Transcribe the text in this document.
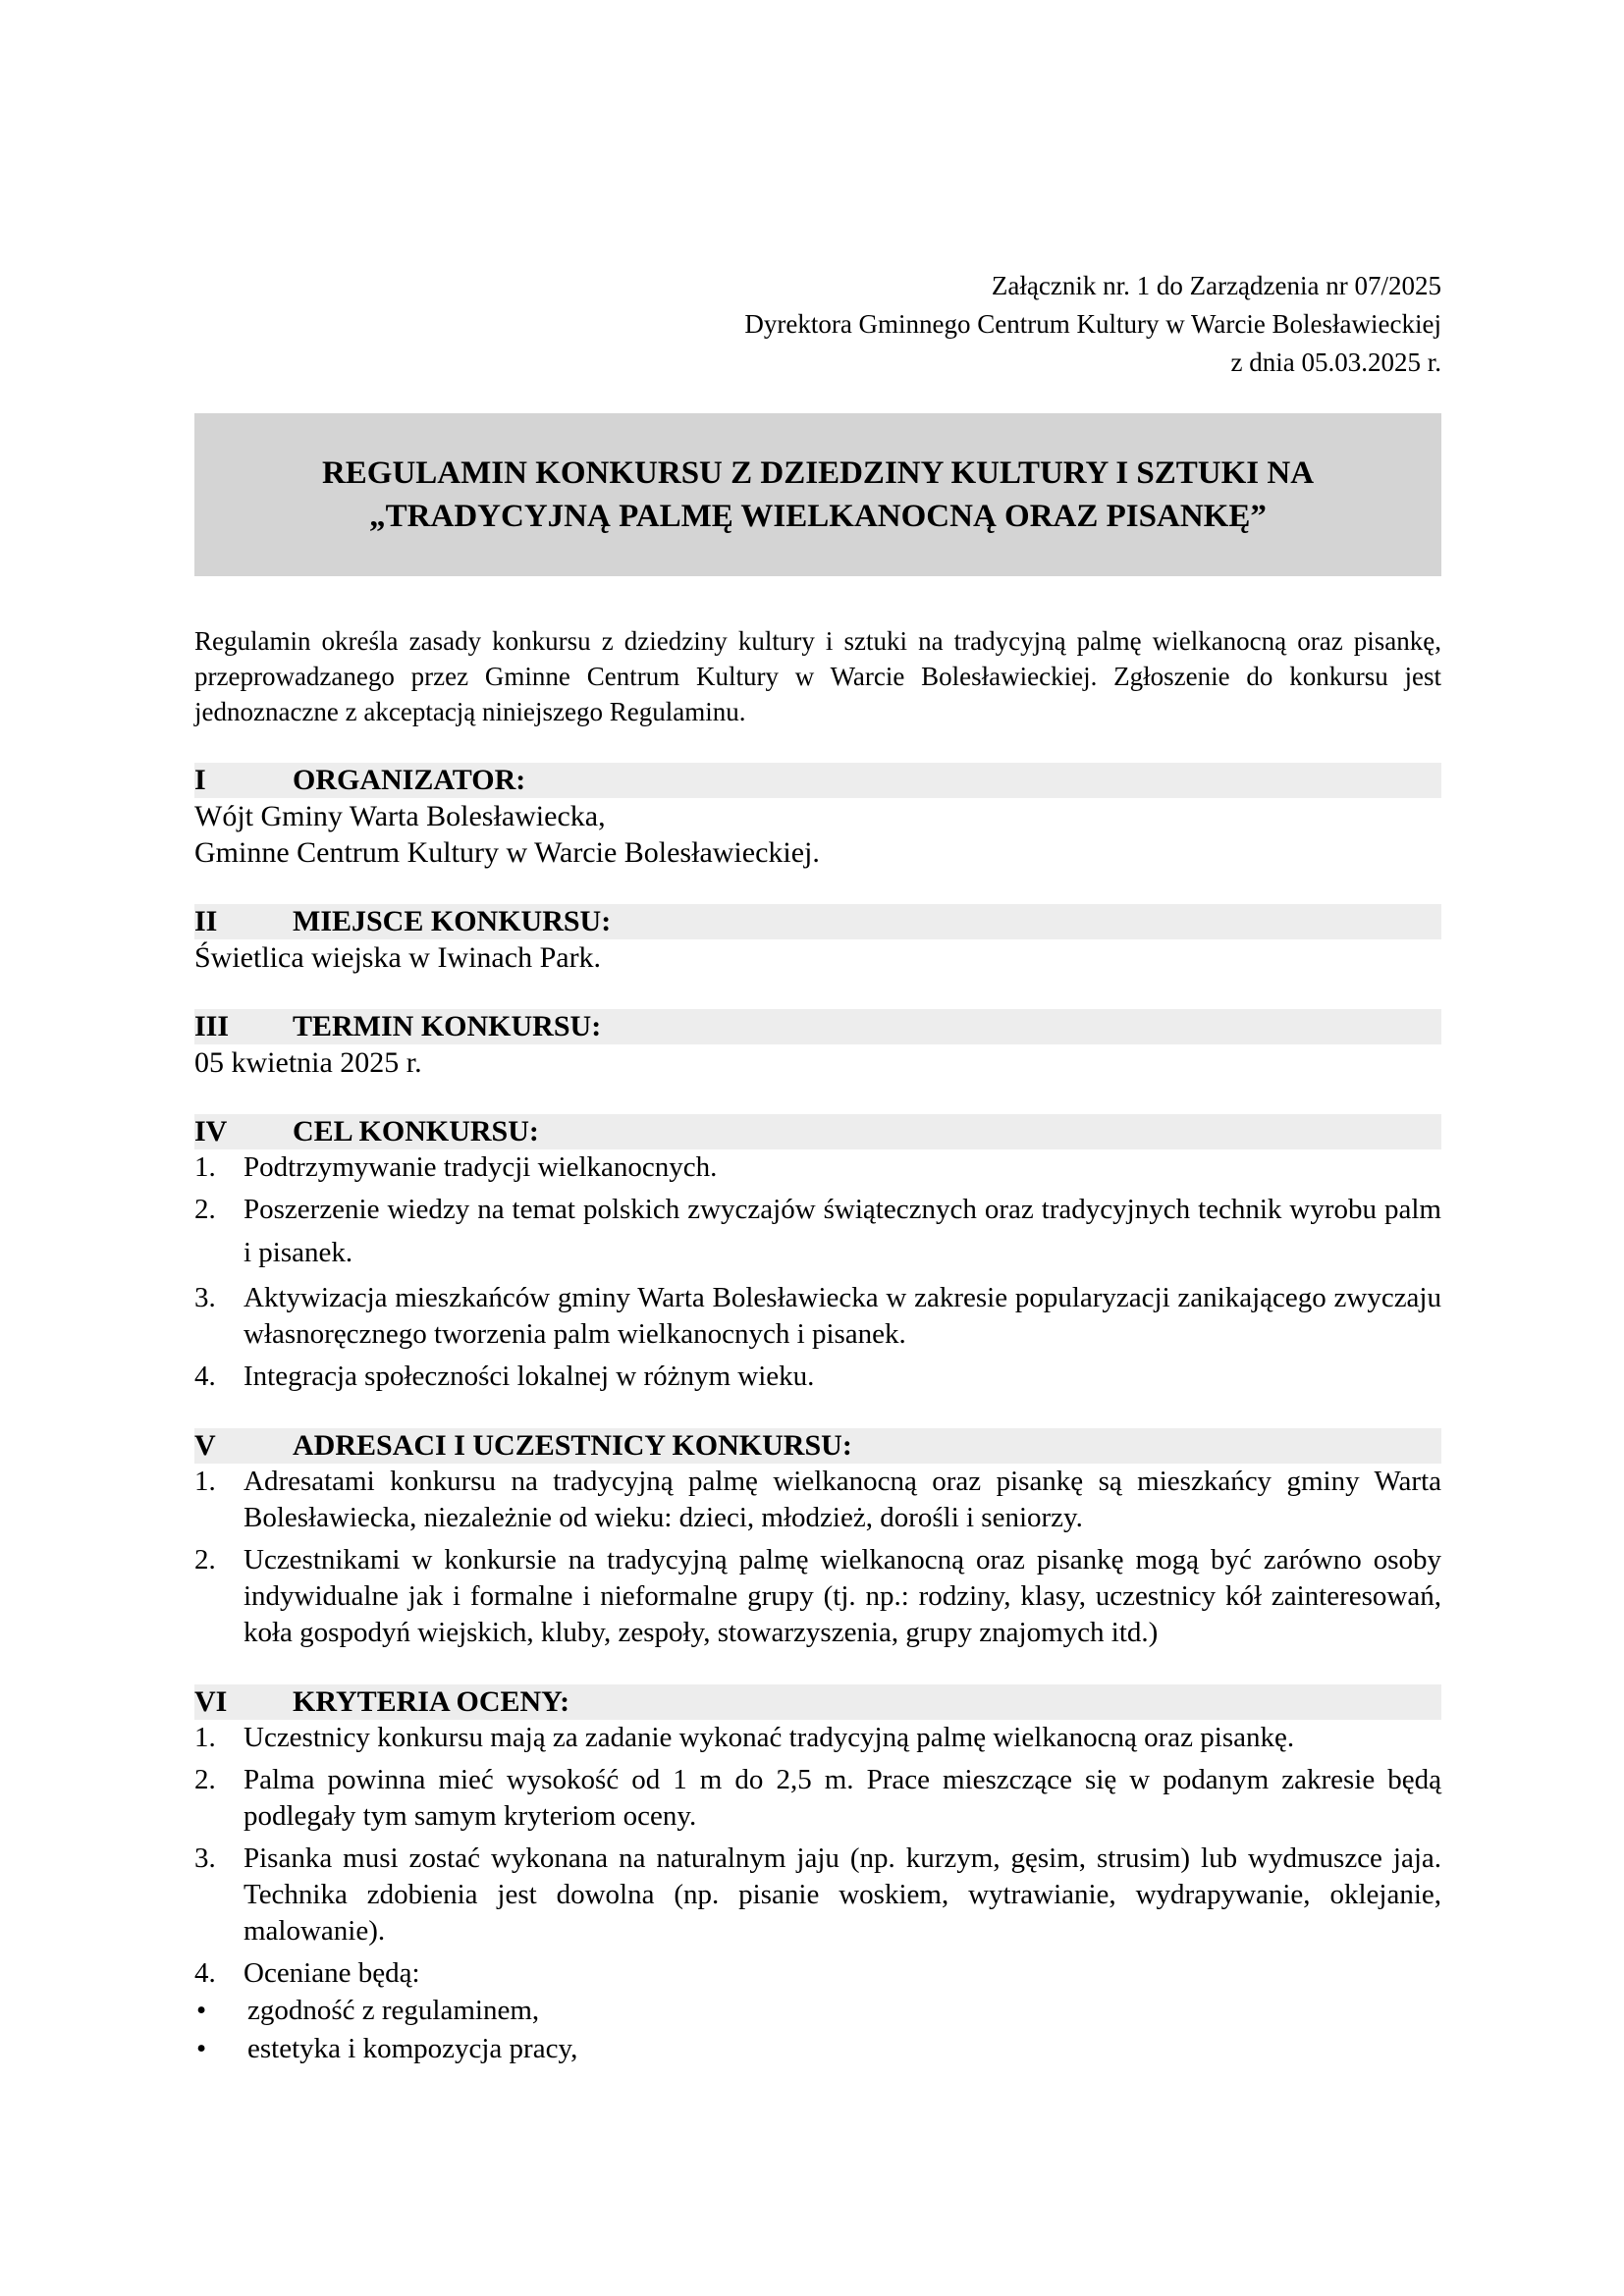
Załącznik nr. 1 do Zarządzenia nr 07/2025
Dyrektora Gminnego Centrum Kultury w Warcie Bolesławieckiej
z dnia 05.03.2025 r.
REGULAMIN KONKURSU Z DZIEDZINY KULTURY I SZTUKI NA
„TRADYCYJNĄ PALMĘ WIELKANOCNĄ ORAZ PISANKĘ”

Regulamin określa zasady konkursu z dziedziny kultury i sztuki na tradycyjną palmę wielkanocną oraz pisankę, przeprowadzanego przez Gminne Centrum Kultury w Warcie Bolesławieckiej. Zgłoszenie do konkursu jest jednoznaczne z akceptacją niniejszego Regulaminu.

I	ORGANIZATOR:
Wójt Gminy Warta Bolesławiecka,
Gminne Centrum Kultury w Warcie Bolesławieckiej.
II	MIEJSCE KONKURSU:
Świetlica wiejska w Iwinach Park.
III	TERMIN KONKURSU:
05 kwietnia 2025 r.
IV	CEL KONKURSU:
1. Podtrzymywanie tradycji wielkanocnych.
2. Poszerzenie wiedzy na temat polskich zwyczajów świątecznych oraz tradycyjnych technik wyrobu palm i pisanek.
3. Aktywizacja mieszkańców gminy Warta Bolesławiecka w zakresie popularyzacji zanikającego zwyczaju własnoręcznego tworzenia palm wielkanocnych i pisanek.
4. Integracja społeczności lokalnej w różnym wieku.
V	ADRESACI I UCZESTNICY KONKURSU:
1. Adresatami konkursu na tradycyjną palmę wielkanocną oraz pisankę są mieszkańcy gminy Warta Bolesławiecka, niezależnie od wieku: dzieci, młodzież, dorośli i seniorzy.
2. Uczestnikami w konkursie na tradycyjną palmę wielkanocną oraz pisankę mogą być zarówno osoby indywidualne jak i formalne i nieformalne grupy (tj. np.: rodziny, klasy, uczestnicy kół zainteresowań, koła gospodyń wiejskich, kluby, zespoły, stowarzyszenia, grupy znajomych itd.)
VI	KRYTERIA OCENY:
1. Uczestnicy konkursu mają za zadanie wykonać tradycyjną palmę wielkanocną oraz pisankę.
2. Palma powinna mieć wysokość od 1 m do 2,5 m. Prace mieszczące się w podanym zakresie będą podlegały tym samym kryteriom oceny.
3. Pisanka musi zostać wykonana na naturalnym jaju (np. kurzym, gęsim, strusim) lub wydmuszce jaja. Technika zdobienia jest dowolna (np. pisanie woskiem, wytrawianie, wydrapywanie, oklejanie, malowanie).
4. Oceniane będą:
•	zgodność z regulaminem,
•	estetyka i kompozycja pracy,
